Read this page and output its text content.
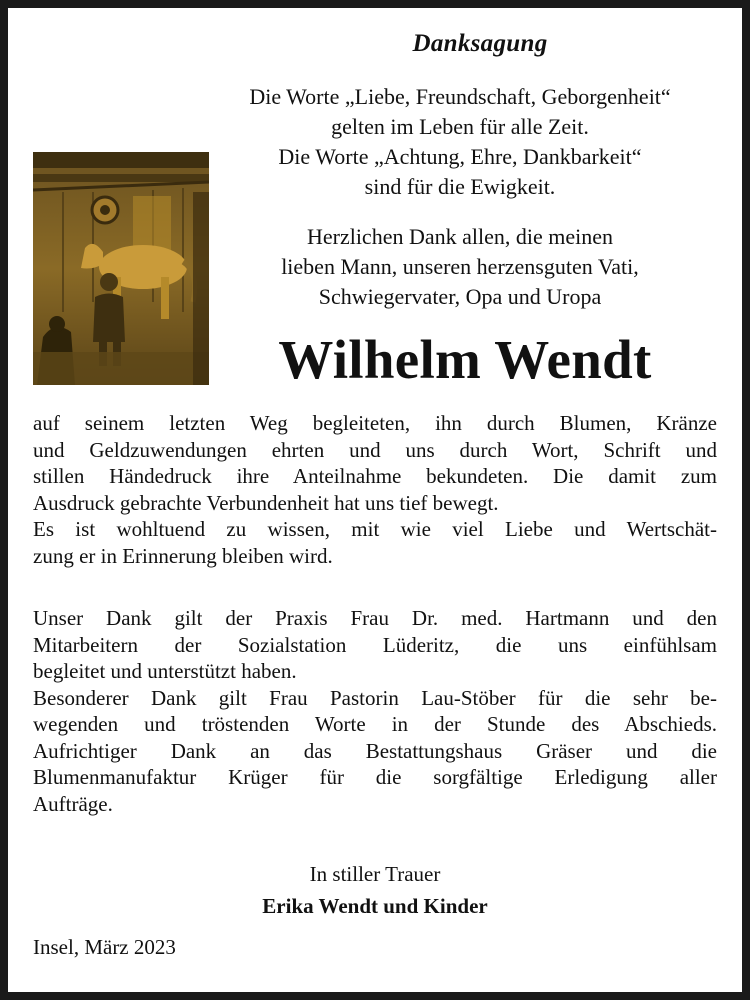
Danksagung
Die Worte „Liebe, Freundschaft, Geborgenheit“
gelten im Leben für alle Zeit.
Die Worte „Achtung, Ehre, Dankbarkeit“
sind für die Ewigkeit.
Herzlichen Dank allen, die meinen
lieben Mann, unseren herzensguten Vati,
Schwiegervater, Opa und Uropa
Wilhelm Wendt
auf seinem letzten Weg begleiteten, ihn durch Blumen, Kränze
und Geldzuwendungen ehrten und uns durch Wort, Schrift und
stillen Händedruck ihre Anteilnahme bekundeten. Die damit zum
Ausdruck gebrachte Verbundenheit hat uns tief bewegt.
Es ist wohltuend zu wissen, mit wie viel Liebe und Wertschät-
zung er in Erinnerung bleiben wird.
Unser Dank gilt der Praxis Frau Dr. med. Hartmann und den
Mitarbeitern der Sozialstation Lüderitz, die uns einfühlsam
begleitet und unterstützt haben.
Besonderer Dank gilt Frau Pastorin Lau-Stöber für die sehr be-
wegenden und tröstenden Worte in der Stunde des Abschieds.
Aufrichtiger Dank an das Bestattungshaus Gräser und die
Blumenmanufaktur Krüger für die sorgfältige Erledigung aller
Aufträge.
In stiller Trauer
Erika Wendt und Kinder
Insel, März 2023
